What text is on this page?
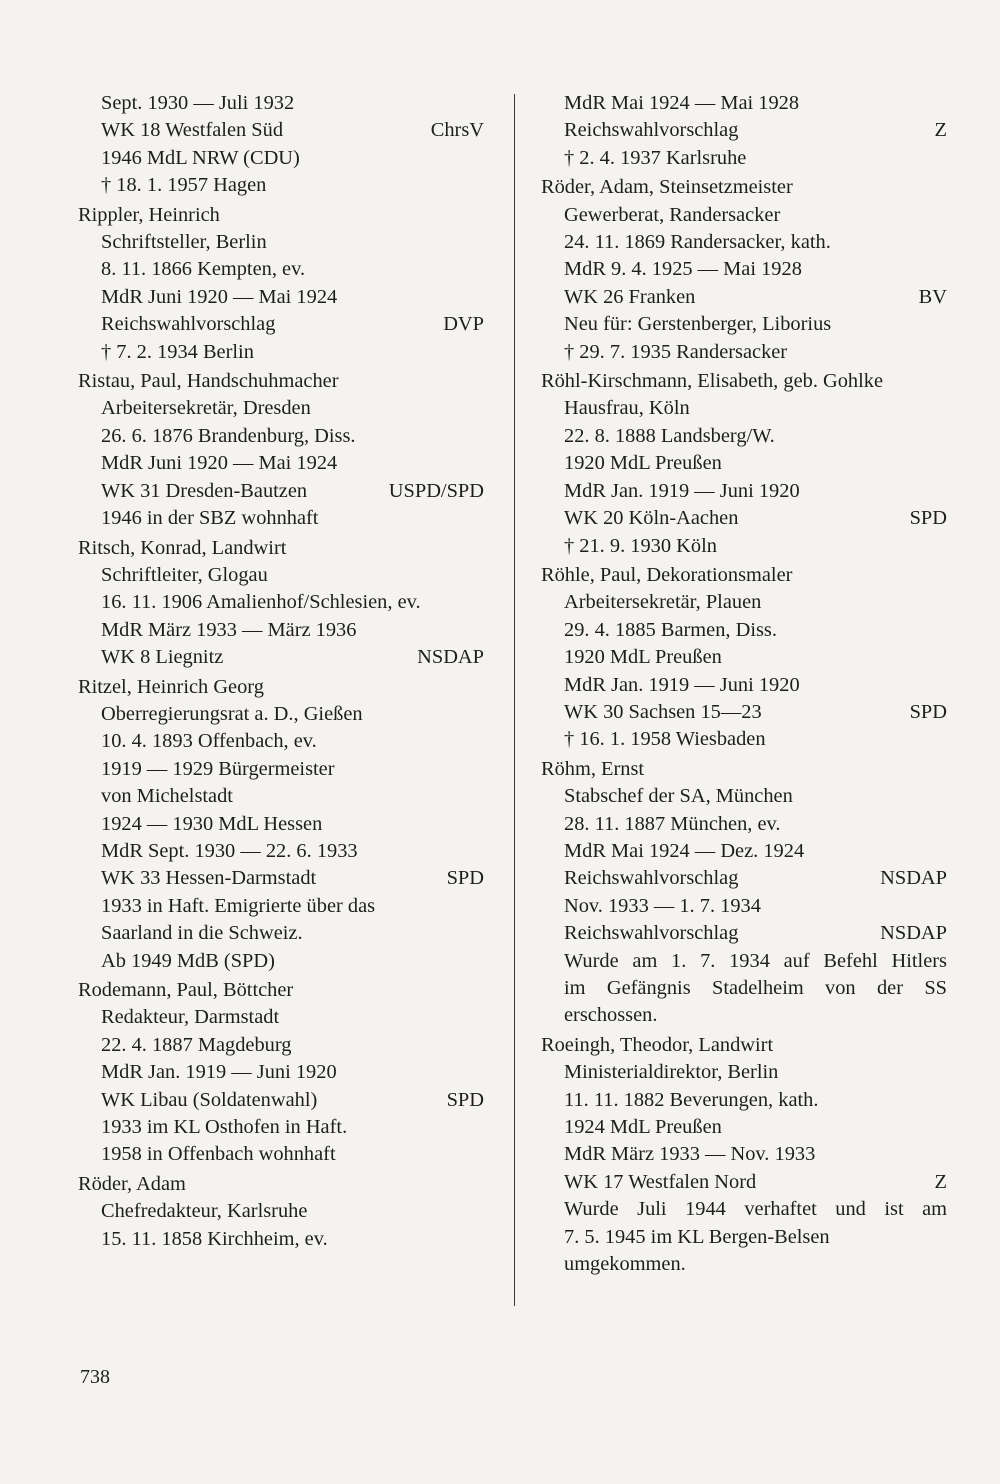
Sept. 1930 — Juli 1932
WK 18 Westfalen Süd	ChrsV
1946 MdL NRW (CDU)
† 18. 1. 1957 Hagen
Rippler, Heinrich
Schriftsteller, Berlin
8. 11. 1866 Kempten, ev.
MdR Juni 1920 — Mai 1924
Reichswahlvorschlag	DVP
† 7. 2. 1934 Berlin
Ristau, Paul, Handschuhmacher
Arbeitersekretär, Dresden
26. 6. 1876 Brandenburg, Diss.
MdR Juni 1920 — Mai 1924
WK 31 Dresden-Bautzen	USPD/SPD
1946 in der SBZ wohnhaft
Ritsch, Konrad, Landwirt
Schriftleiter, Glogau
16. 11. 1906 Amalienhof/Schlesien, ev.
MdR März 1933 — März 1936
WK 8 Liegnitz	NSDAP
Ritzel, Heinrich Georg
Oberregierungsrat a. D., Gießen
10. 4. 1893 Offenbach, ev.
1919 — 1929 Bürgermeister
von Michelstadt
1924 — 1930 MdL Hessen
MdR Sept. 1930 — 22. 6. 1933
WK 33 Hessen-Darmstadt	SPD
1933 in Haft. Emigrierte über das
Saarland in die Schweiz.
Ab 1949 MdB (SPD)
Rodemann, Paul, Böttcher
Redakteur, Darmstadt
22. 4. 1887 Magdeburg
MdR Jan. 1919 — Juni 1920
WK Libau (Soldatenwahl)	SPD
1933 im KL Osthofen in Haft.
1958 in Offenbach wohnhaft
Röder, Adam
Chefredakteur, Karlsruhe
15. 11. 1858 Kirchheim, ev.
MdR Mai 1924 — Mai 1928
Reichswahlvorschlag	Z
† 2. 4. 1937 Karlsruhe
Röder, Adam, Steinsetzmeister
Gewerberat, Randersacker
24. 11. 1869 Randersacker, kath.
MdR 9. 4. 1925 — Mai 1928
WK 26 Franken	BV
Neu für: Gerstenberger, Liborius
† 29. 7. 1935 Randersacker
Röhl-Kirschmann, Elisabeth, geb. Gohlke
Hausfrau, Köln
22. 8. 1888 Landsberg/W.
1920 MdL Preußen
MdR Jan. 1919 — Juni 1920
WK 20 Köln-Aachen	SPD
† 21. 9. 1930 Köln
Röhle, Paul, Dekorationsmaler
Arbeitersekretär, Plauen
29. 4. 1885 Barmen, Diss.
1920 MdL Preußen
MdR Jan. 1919 — Juni 1920
WK 30 Sachsen 15—23	SPD
† 16. 1. 1958 Wiesbaden
Röhm, Ernst
Stabschef der SA, München
28. 11. 1887 München, ev.
MdR Mai 1924 — Dez. 1924
Reichswahlvorschlag	NSDAP
Nov. 1933 — 1. 7. 1934
Reichswahlvorschlag	NSDAP
Wurde am 1. 7. 1934 auf Befehl Hitlers
im Gefängnis Stadelheim von der SS
erschossen.
Roeingh, Theodor, Landwirt
Ministerialdirektor, Berlin
11. 11. 1882 Beverungen, kath.
1924 MdL Preußen
MdR März 1933 — Nov. 1933
WK 17 Westfalen Nord	Z
Wurde Juli 1944 verhaftet und ist am
7. 5. 1945 im KL Bergen-Belsen
umgekommen.
738
